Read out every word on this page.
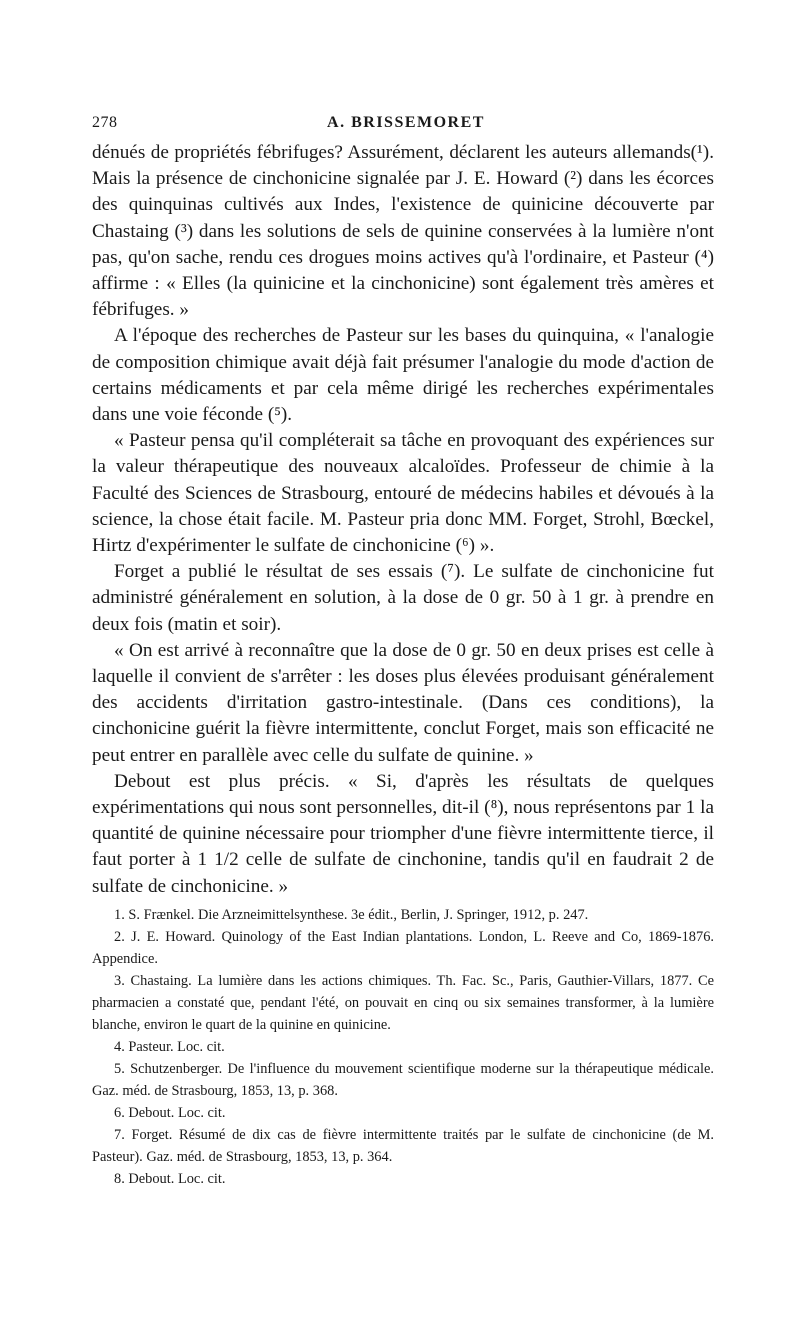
278	A. BRISSEMORET

dénués de propriétés fébrifuges? Assurément, déclarent les auteurs allemands(¹). Mais la présence de cinchonicine signalée par J. E. Howard (²) dans les écorces des quinquinas cultivés aux Indes, l'existence de quinicine découverte par Chastaing (³) dans les solutions de sels de quinine conservées à la lumière n'ont pas, qu'on sache, rendu ces drogues moins actives qu'à l'ordinaire, et Pasteur (⁴) affirme : « Elles (la quinicine et la cinchonicine) sont également très amères et fébrifuges. »

A l'époque des recherches de Pasteur sur les bases du quinquina, « l'analogie de composition chimique avait déjà fait présumer l'analogie du mode d'action de certains médicaments et par cela même dirigé les recherches expérimentales dans une voie féconde (⁵).

« Pasteur pensa qu'il compléterait sa tâche en provoquant des expériences sur la valeur thérapeutique des nouveaux alcaloïdes. Professeur de chimie à la Faculté des Sciences de Strasbourg, entouré de médecins habiles et dévoués à la science, la chose était facile. M. Pasteur pria donc MM. Forget, Strohl, Bœckel, Hirtz d'expérimenter le sulfate de cinchonicine (⁶) ».

Forget a publié le résultat de ses essais (⁷). Le sulfate de cinchonicine fut administré généralement en solution, à la dose de 0 gr. 50 à 1 gr. à prendre en deux fois (matin et soir).

« On est arrivé à reconnaître que la dose de 0 gr. 50 en deux prises est celle à laquelle il convient de s'arrêter : les doses plus élevées produisant généralement des accidents d'irritation gastro-intestinale. (Dans ces conditions), la cinchonicine guérit la fièvre intermittente, conclut Forget, mais son efficacité ne peut entrer en parallèle avec celle du sulfate de quinine. »

Debout est plus précis. « Si, d'après les résultats de quelques expérimentations qui nous sont personnelles, dit-il (⁸), nous représentons par 1 la quantité de quinine nécessaire pour triompher d'une fièvre intermittente tierce, il faut porter à 1 1/2 celle de sulfate de cinchonine, tandis qu'il en faudrait 2 de sulfate de cinchonicine. »

1. S. Frænkel. Die Arzneimittelsynthese. 3e édit., Berlin, J. Springer, 1912, p. 247.

2. J. E. Howard. Quinology of the East Indian plantations. London, L. Reeve and Co, 1869-1876. Appendice.

3. Chastaing. La lumière dans les actions chimiques. Th. Fac. Sc., Paris, Gauthier-Villars, 1877. Ce pharmacien a constaté que, pendant l'été, on pouvait en cinq ou six semaines transformer, à la lumière blanche, environ le quart de la quinine en quinicine.

4. Pasteur. Loc. cit.

5. Schutzenberger. De l'influence du mouvement scientifique moderne sur la thérapeutique médicale. Gaz. méd. de Strasbourg, 1853, 13, p. 368.

6. Debout. Loc. cit.

7. Forget. Résumé de dix cas de fièvre intermittente traités par le sulfate de cinchonicine (de M. Pasteur). Gaz. méd. de Strasbourg, 1853, 13, p. 364.

8. Debout. Loc. cit.
